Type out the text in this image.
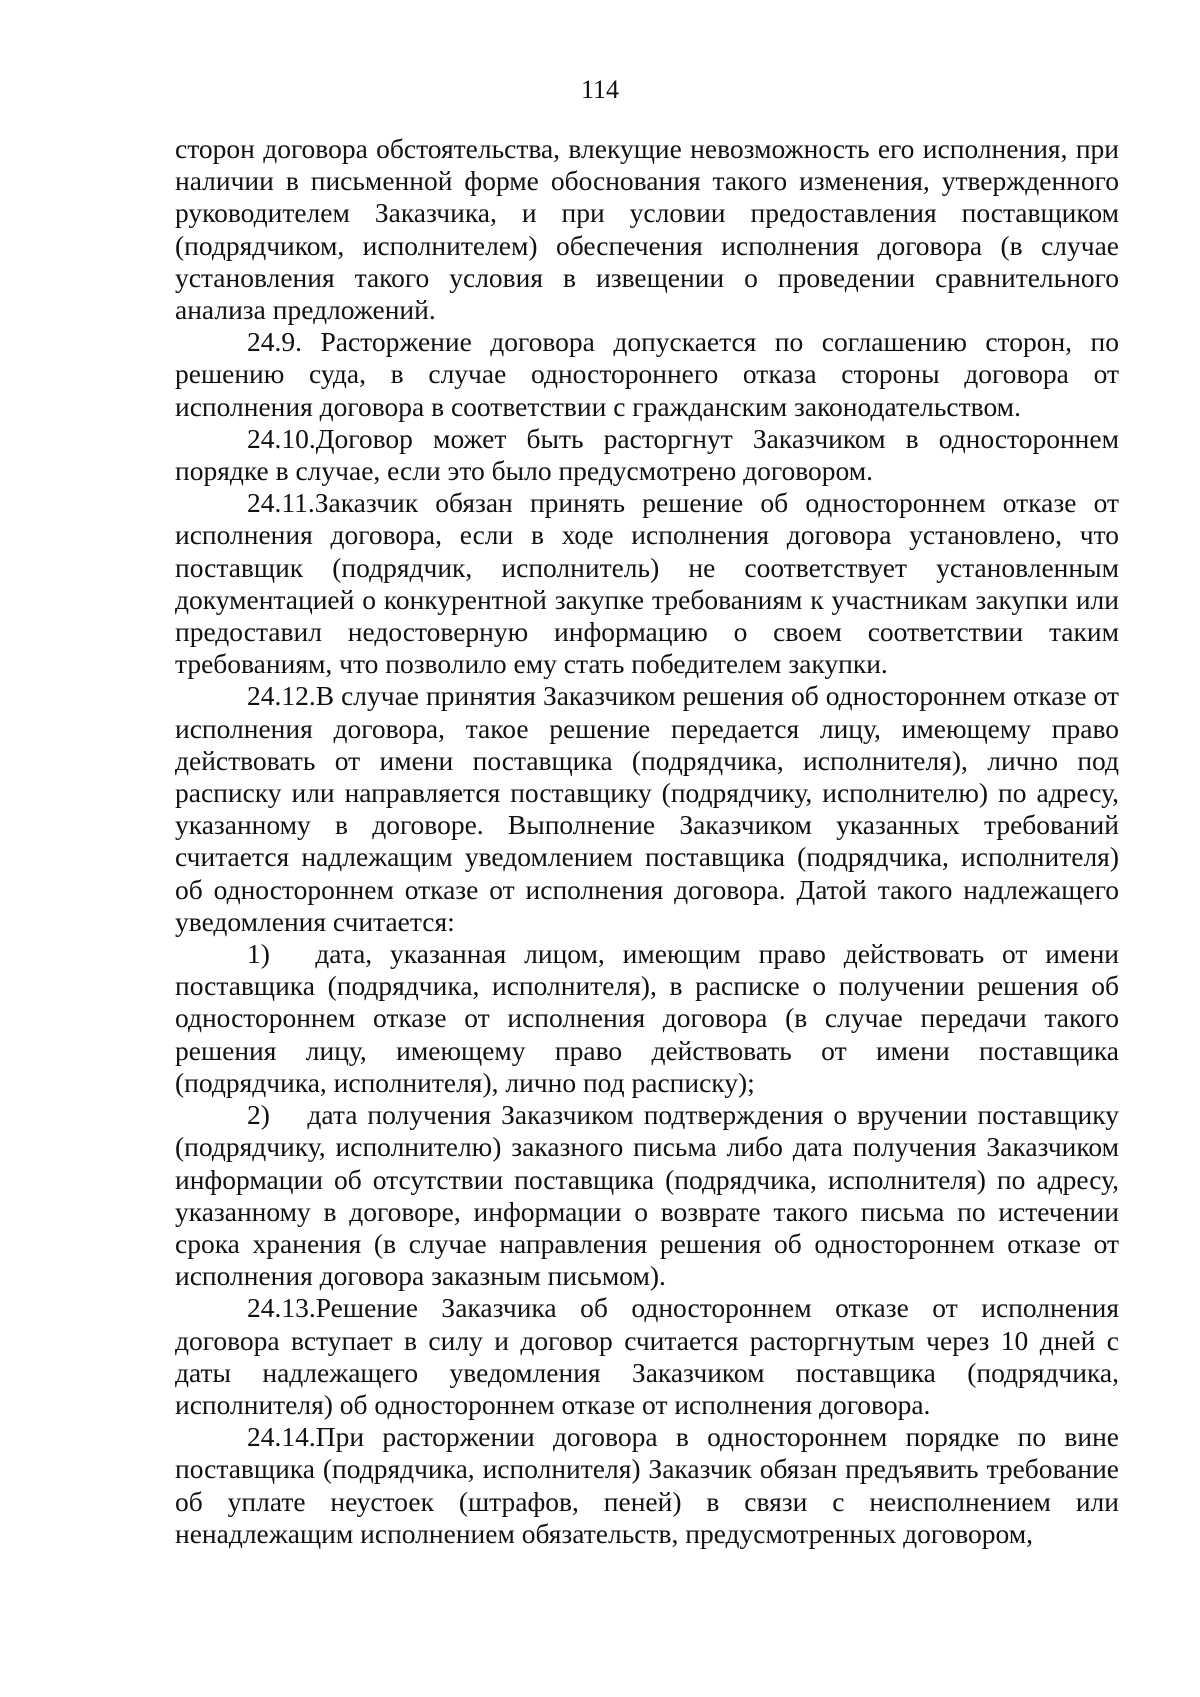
114

сторон договора обстоятельства, влекущие невозможность его исполнения, при наличии в письменной форме обоснования такого изменения, утвержденного руководителем Заказчика, и при условии предоставления поставщиком (подрядчиком, исполнителем) обеспечения исполнения договора (в случае установления такого условия в извещении о проведении сравнительного анализа предложений.

24.9. Расторжение договора допускается по соглашению сторон, по решению суда, в случае одностороннего отказа стороны договора от исполнения договора в соответствии с гражданским законодательством.

24.10.Договор может быть расторгнут Заказчиком в одностороннем порядке в случае, если это было предусмотрено договором.

24.11.Заказчик обязан принять решение об одностороннем отказе от исполнения договора, если в ходе исполнения договора установлено, что поставщик (подрядчик, исполнитель) не соответствует установленным документацией о конкурентной закупке требованиям к участникам закупки или предоставил недостоверную информацию о своем соответствии таким требованиям, что позволило ему стать победителем закупки.

24.12.В случае принятия Заказчиком решения об одностороннем отказе от исполнения договора, такое решение передается лицу, имеющему право действовать от имени поставщика (подрядчика, исполнителя), лично под расписку или направляется поставщику (подрядчику, исполнителю) по адресу, указанному в договоре. Выполнение Заказчиком указанных требований считается надлежащим уведомлением поставщика (подрядчика, исполнителя) об одностороннем отказе от исполнения договора. Датой такого надлежащего уведомления считается:

1)  дата, указанная лицом, имеющим право действовать от имени поставщика (подрядчика, исполнителя), в расписке о получении решения об одностороннем отказе от исполнения договора (в случае передачи такого решения лицу, имеющему право действовать от имени поставщика (подрядчика, исполнителя), лично под расписку);

2)  дата получения Заказчиком подтверждения о вручении поставщику (подрядчику, исполнителю) заказного письма либо дата получения Заказчиком информации об отсутствии поставщика (подрядчика, исполнителя) по адресу, указанному в договоре, информации о возврате такого письма по истечении срока хранения (в случае направления решения об одностороннем отказе от исполнения договора заказным письмом).

24.13.Решение Заказчика об одностороннем отказе от исполнения договора вступает в силу и договор считается расторгнутым через 10 дней с даты надлежащего уведомления Заказчиком поставщика (подрядчика, исполнителя) об одностороннем отказе от исполнения договора.

24.14.При расторжении договора в одностороннем порядке по вине поставщика (подрядчика, исполнителя) Заказчик обязан предъявить требование об уплате неустоек (штрафов, пеней) в связи с неисполнением или ненадлежащим исполнением обязательств, предусмотренных договором,
